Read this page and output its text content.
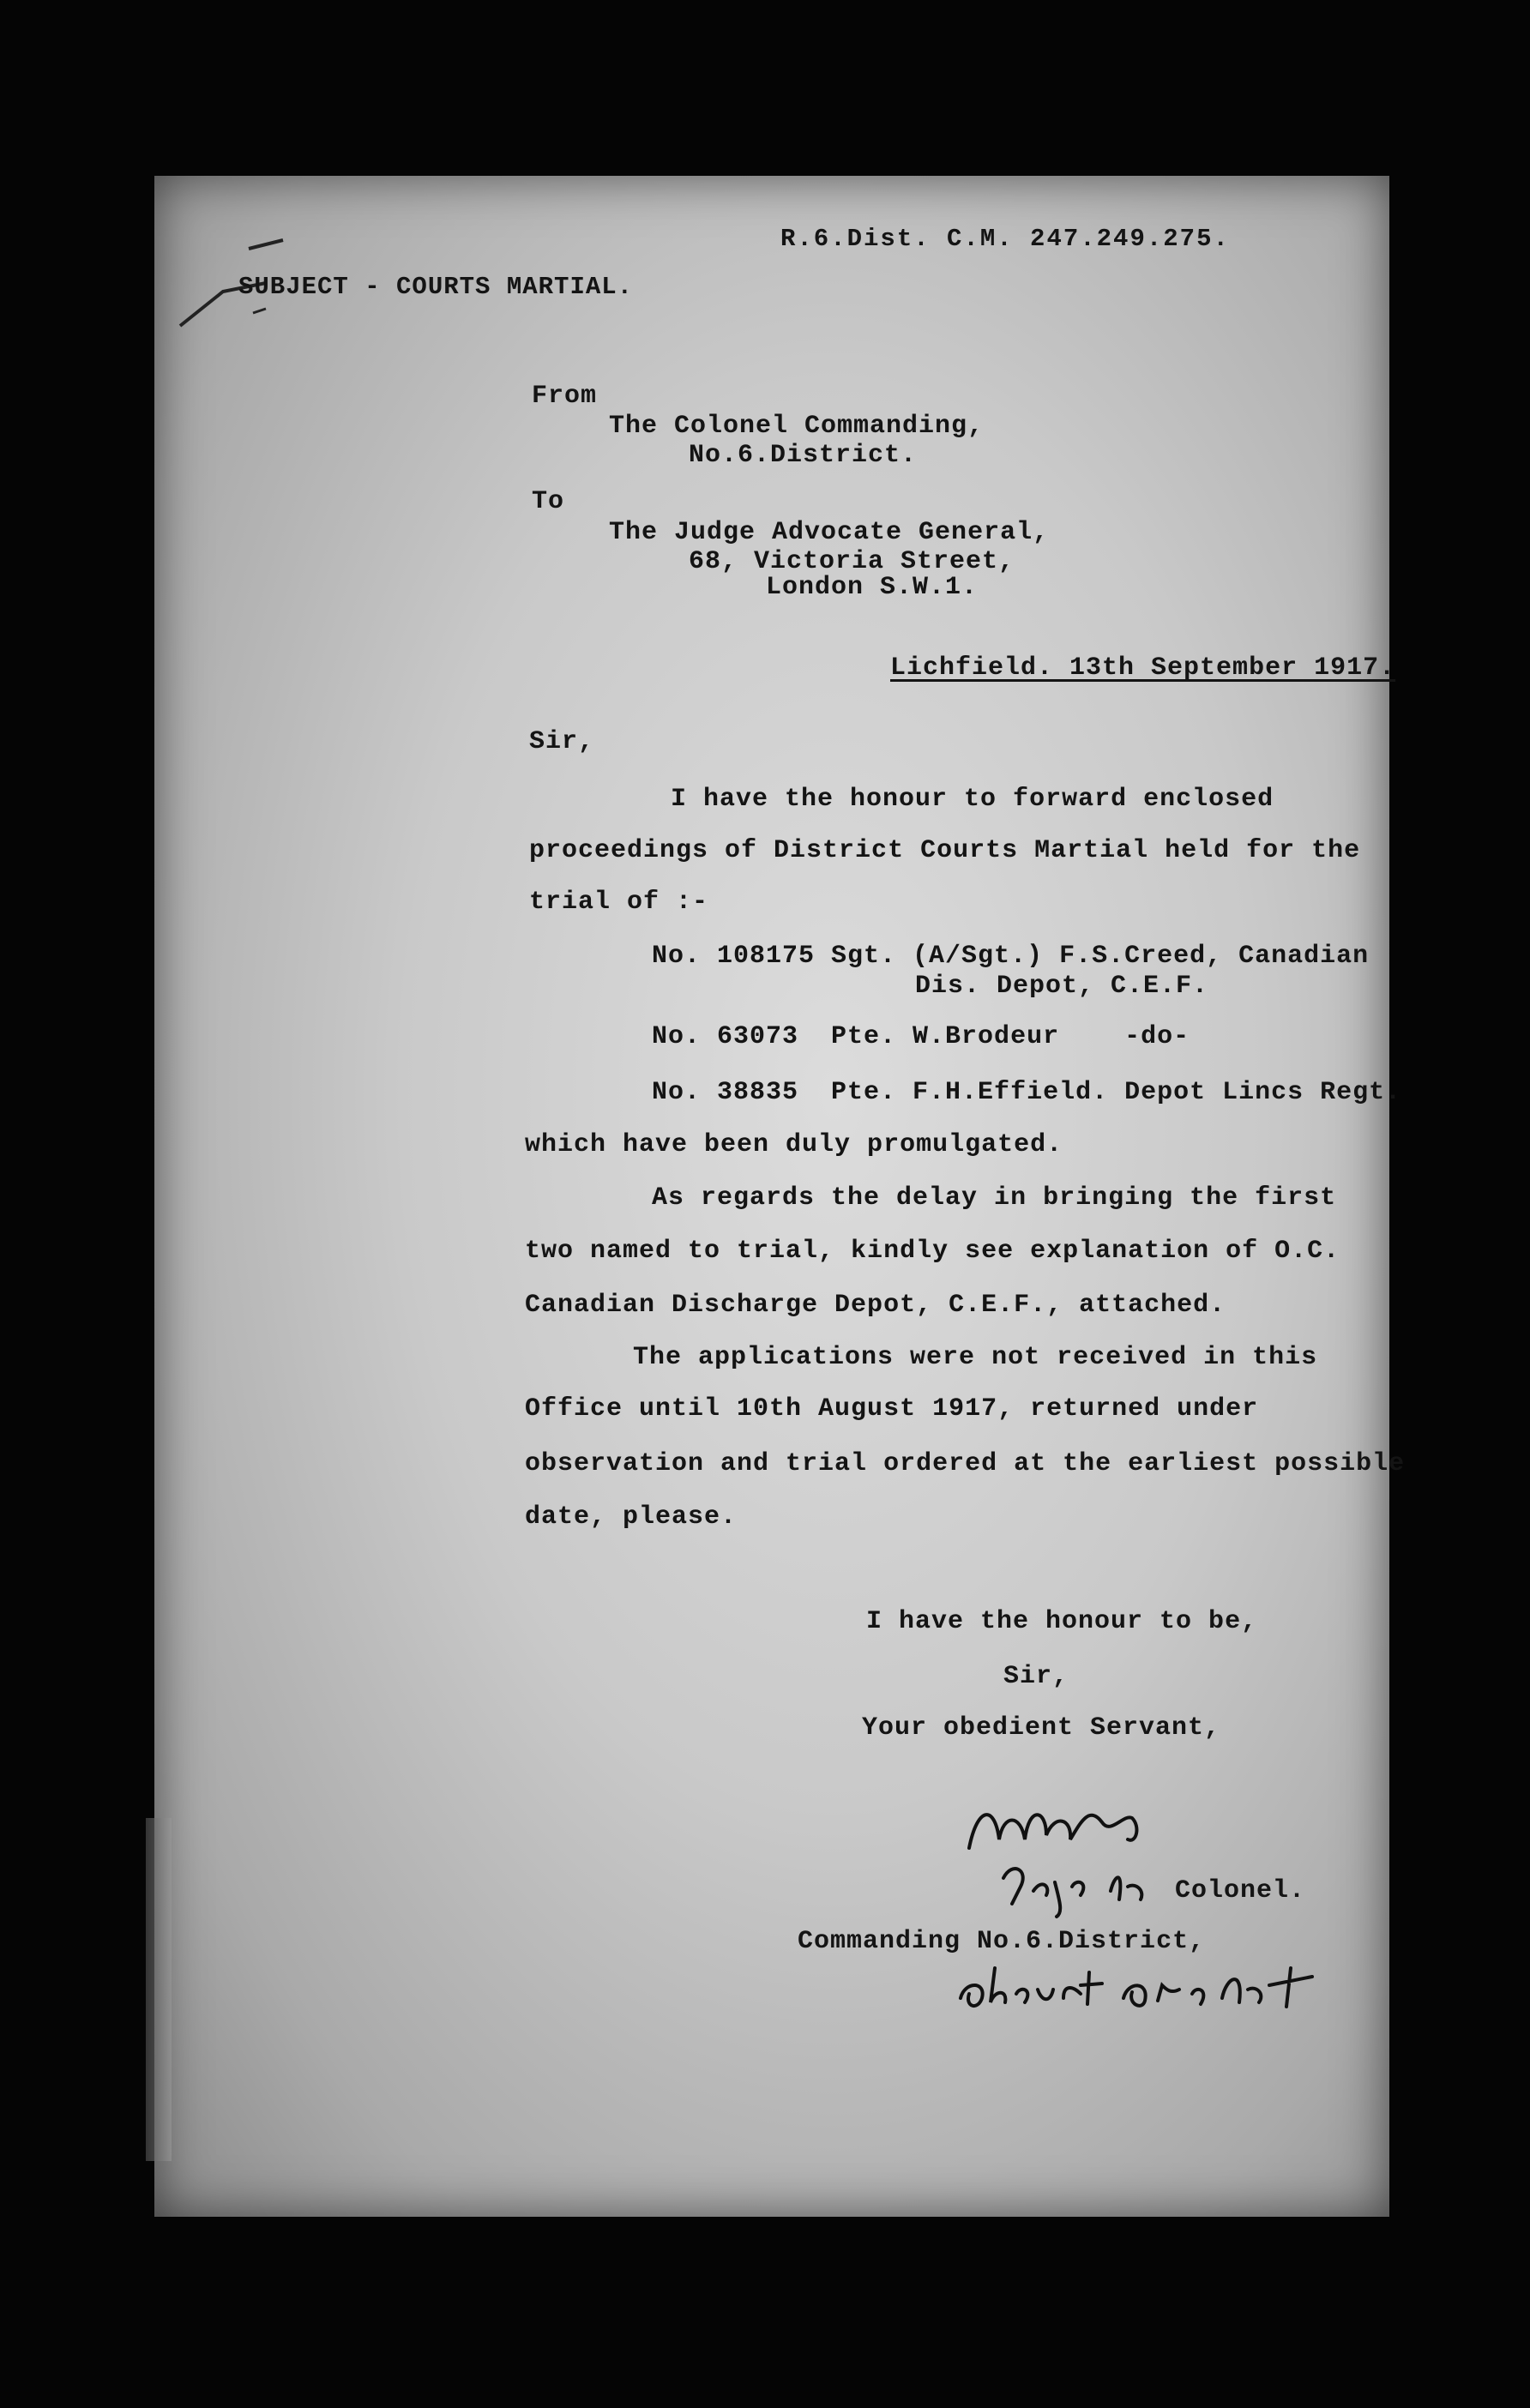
R.6.Dist. C.M. 247.249.275.
SUBJECT - COURTS MARTIAL.
From
The Colonel Commanding,
No.6.District.
To
The Judge Advocate General,
68, Victoria Street,
London S.W.1.
Lichfield. 13th September 1917.
Sir,
I have the honour to forward enclosed
proceedings of District Courts Martial held for the
trial of :-
No. 108175 Sgt. (A/Sgt.) F.S.Creed, Canadian
Dis. Depot, C.E.F.
No. 63073  Pte. W.Brodeur    -do-
No. 38835  Pte. F.H.Effield. Depot Lincs Regt.
which have been duly promulgated.
As regards the delay in bringing the first
two named to trial, kindly see explanation of O.C.
Canadian Discharge Depot, C.E.F., attached.
The applications were not received in this
Office until 10th August 1917, returned under
observation and trial ordered at the earliest possible
date, please.
I have the honour to be,
Sir,
Your obedient Servant,
Colonel.
Commanding No.6.District,
